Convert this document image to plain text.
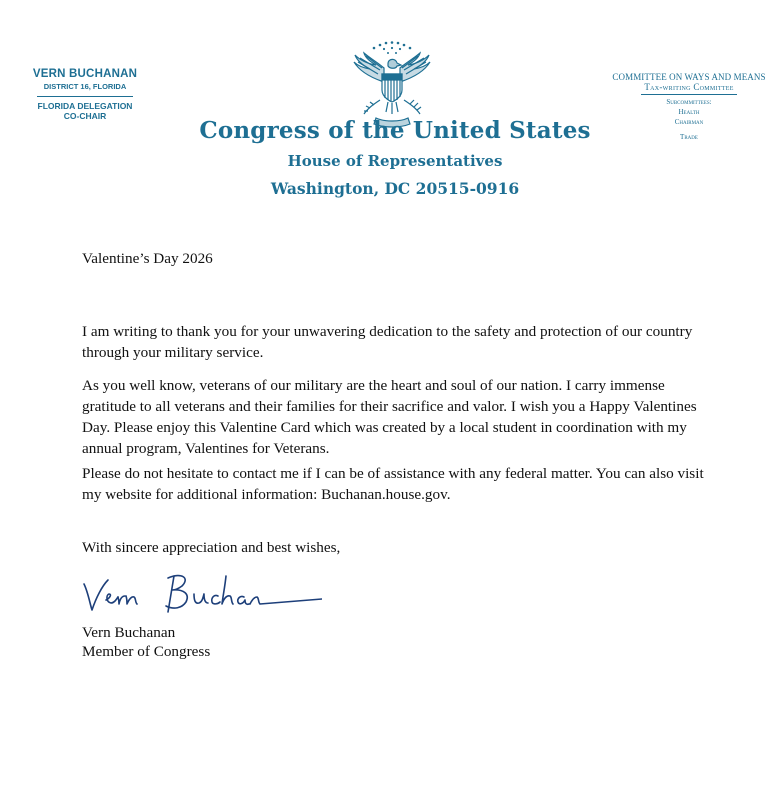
VERN BUCHANAN
DISTRICT 16, FLORIDA
FLORIDA DELEGATION
CO-CHAIR
COMMITTEE ON WAYS AND MEANS
Tax-writing Committee
Subcommittees:
Health
Chairman
Trade
Congress of the United States
House of Representatives
Washington, DC 20515-0916

Valentine’s Day 2026

I am writing to thank you for your unwavering dedication to the safety and protection of our country through your military service.

As you well know, veterans of our military are the heart and soul of our nation. I carry immense gratitude to all veterans and their families for their sacrifice and valor. I wish you a Happy Valentines Day. Please enjoy this Valentine Card which was created by a local student in coordination with my annual program, Valentines for Veterans.

Please do not hesitate to contact me if I can be of assistance with any federal matter. You can also visit my website for additional information: Buchanan.house.gov.

With sincere appreciation and best wishes,

Vern Buchanan

Member of Congress
